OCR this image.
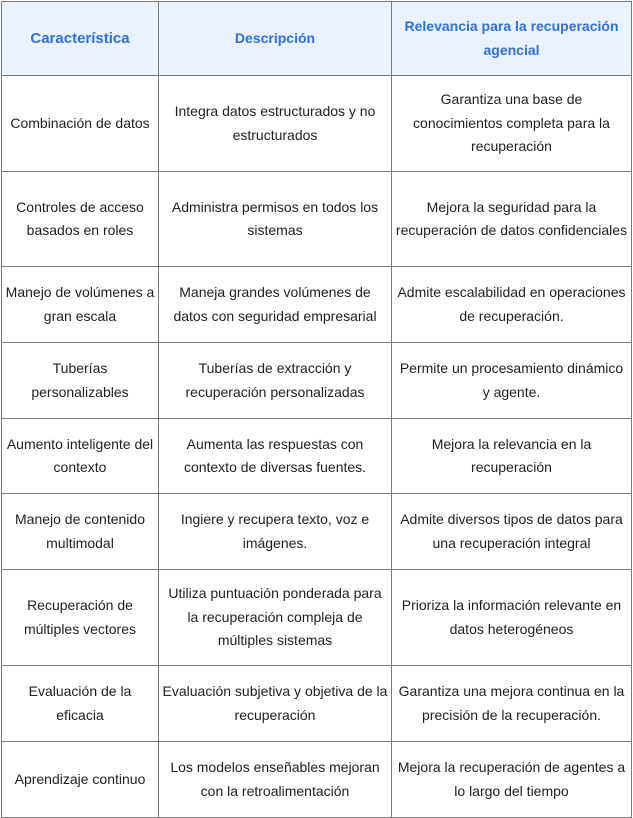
Característica	Descripción	Relevancia para la recuperación agencial
Combinación de datos	Integra datos estructurados y no estructurados	Garantiza una base de conocimientos completa para la recuperación
Controles de acceso basados en roles	Administra permisos en todos los sistemas	Mejora la seguridad para la recuperación de datos confidenciales
Manejo de volúmenes a gran escala	Maneja grandes volúmenes de datos con seguridad empresarial	Admite escalabilidad en operaciones de recuperación.
Tuberías personalizables	Tuberías de extracción y recuperación personalizadas	Permite un procesamiento dinámico y agente.
Aumento inteligente del contexto	Aumenta las respuestas con contexto de diversas fuentes.	Mejora la relevancia en la recuperación
Manejo de contenido multimodal	Ingiere y recupera texto, voz e imágenes.	Admite diversos tipos de datos para una recuperación integral
Recuperación de múltiples vectores	Utiliza puntuación ponderada para la recuperación compleja de múltiples sistemas	Prioriza la información relevante en datos heterogéneos
Evaluación de la eficacia	Evaluación subjetiva y objetiva de la recuperación	Garantiza una mejora continua en la precisión de la recuperación.
Aprendizaje continuo	Los modelos enseñables mejoran con la retroalimentación	Mejora la recuperación de agentes a lo largo del tiempo
